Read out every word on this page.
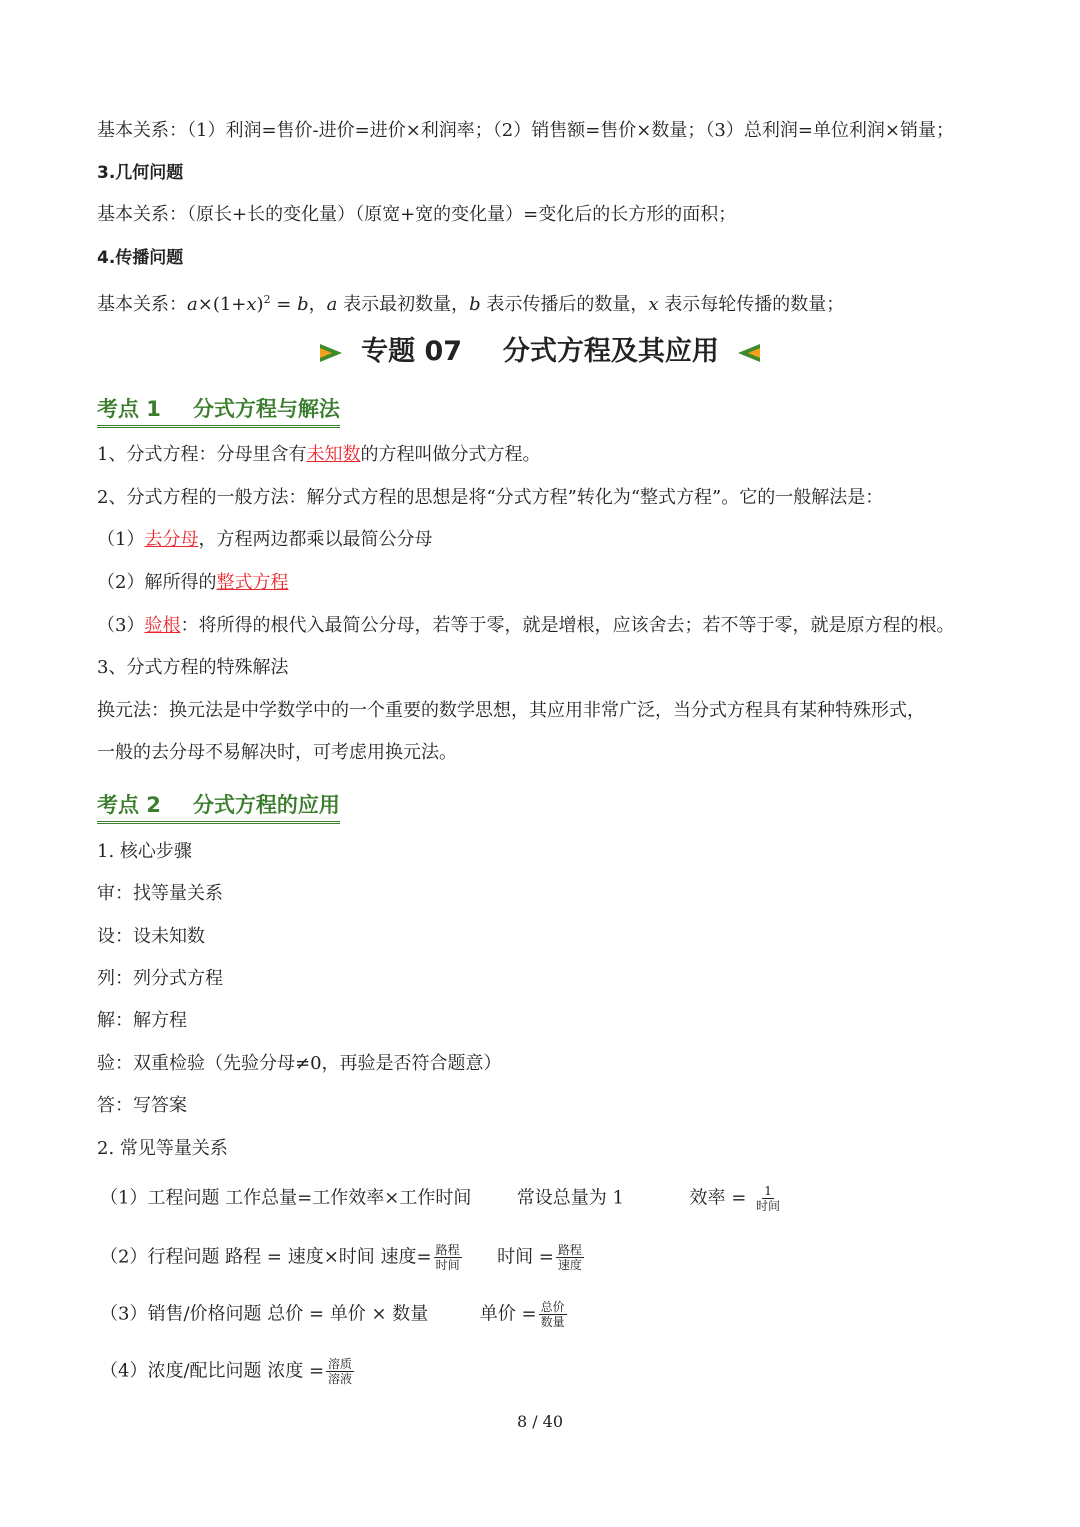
基本关系：（1）利润=售价-进价=进价×利润率；（2）销售额=售价×数量；（3）总利润=单位利润×销量；
3.几何问题
基本关系：（原长+长的变化量）（原宽+宽的变化量）=变化后的长方形的面积；
4.传播问题
基本关系：$a\times(1+x)^2 = b$，a 表示最初数量，b 表示传播后的数量，x 表示每轮传播的数量；
专题 07 分式方程及其应用
考点 1 分式方程与解法
1、分式方程：分母里含有未知数的方程叫做分式方程。
2、分式方程的一般方法：解分式方程的思想是将“分式方程”转化为“整式方程”。它的一般解法是：
（1）去分母，方程两边都乘以最简公分母
（2）解所得的整式方程
（3）验根：将所得的根代入最简公分母，若等于零，就是增根，应该舍去；若不等于零，就是原方程的根。
3、分式方程的特殊解法
换元法：换元法是中学数学中的一个重要的数学思想，其应用非常广泛，当分式方程具有某种特殊形式，
一般的去分母不易解决时，可考虑用换元法。
考点 2 分式方程的应用
1. 核心步骤
审：找等量关系
设：设未知数
列：列分式方程
解：解方程
验：双重检验（先验分母≠0，再验是否符合题意）
答：写答案
2. 常见等量关系
（1）工程问题 工作总量=工作效率×工作时间	常设总量为 1	效率 = $\frac{1}{\text{时间}}$
（2）行程问题 路程 = 速度×时间 速度= $\frac{\text{路程}}{\text{时间}}$ 时间 = $\frac{\text{路程}}{\text{速度}}$
（3）销售/价格问题 总价 = 单价 × 数量	单价 = $\frac{\text{总价}}{\text{数量}}$
（4）浓度/配比问题 浓度 = $\frac{\text{溶质}}{\text{溶液}}$
8 / 40
